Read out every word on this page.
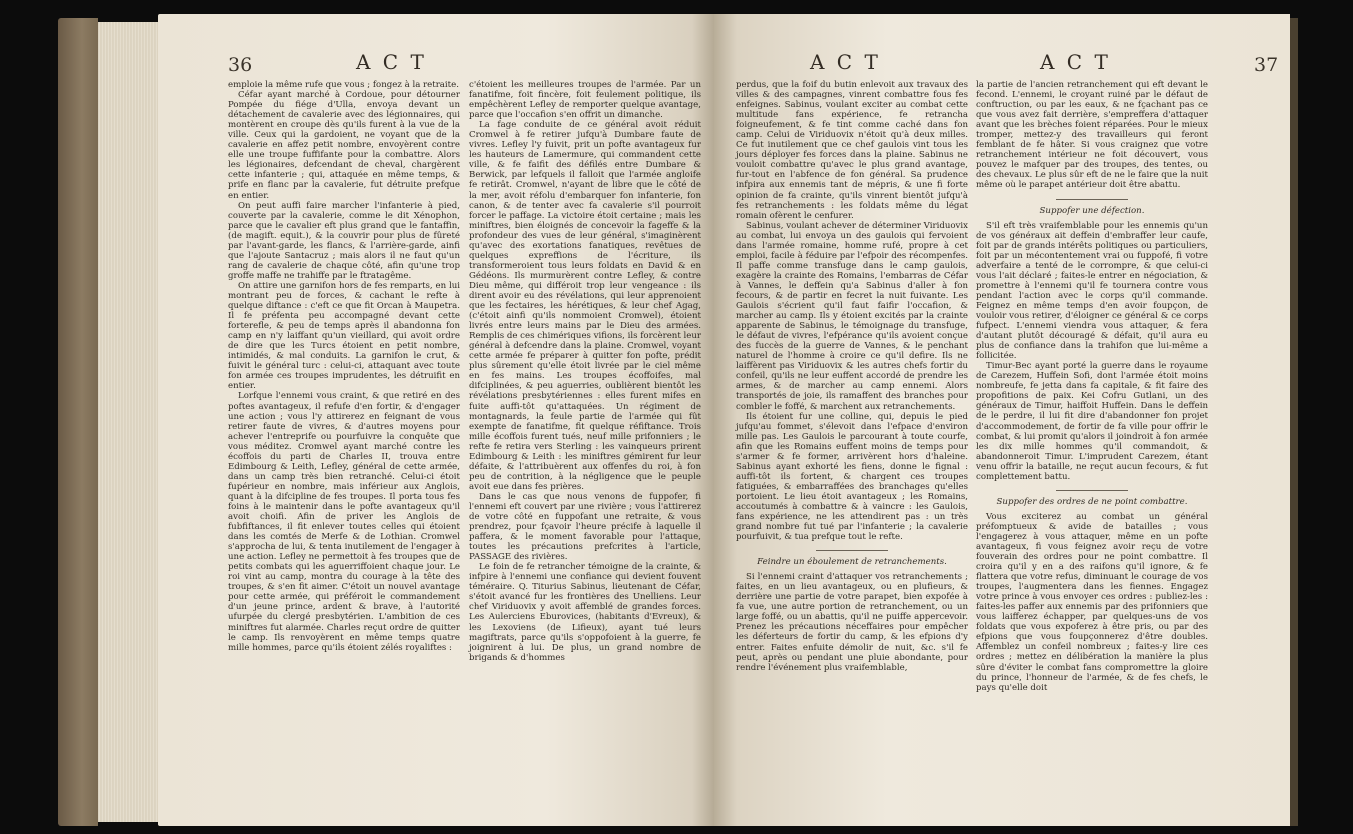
36	A C T

emploie la même rufe que vous ; fongez à la retraite.

Céfar ayant marché à Cordoue, pour détourner Pompée du fiége d'Ulla, envoya devant un détachement de cavalerie avec des légionnaires, qui montèrent en croupe dès qu'ils furent à la vue de la ville. Ceux qui la gardoient, ne voyant que de la cavalerie en affez petit nombre, envoyèrent contre elle une troupe fuffifante pour la combattre. Alors les légionaires, defcendant de cheval, chargèrent cette infanterie ; qui, attaquée en même temps, & prife en flanc par la cavalerie, fut détruite prefque en entier.

On peut auffi faire marcher l'infanterie à pied, couverte par la cavalerie, comme le dit Xénophon, parce que le cavalier eft plus grand que le fantaffin, (de magift. equit.), & la couvrir pour plus de fûreté par l'avant-garde, les flancs, & l'arrière-garde, ainfi que l'ajoute Santacruz ; mais alors il ne faut qu'un rang de cavalerie de chaque côté, afin qu'une trop groffe maffe ne trahiffe par le ftratagême.

On attire une garnifon hors de fes remparts, en lui montrant peu de forces, & cachant le refte à quelque diftance : c'eft ce que fit Orcan à Maupetra. Il fe préfenta peu accompagné devant cette forterefle, & peu de temps après il abandonna fon camp en n'y laiffant qu'un vieillard, qui avoit ordre de dire que les Turcs étoient en petit nombre, intimidés, & mal conduits. La garnifon le crut, & fuivit le général turc : celui-ci, attaquant avec toute fon armée ces troupes imprudentes, les détruifit en entier.

Lorfque l'ennemi vous craint, & que retiré en des poftes avantageux, il refufe d'en fortir, & d'engager une action ; vous l'y attirerez en feignant de vous retirer faute de vivres, & d'autres moyens pour achever l'entreprife ou pourfuivre la conquête que vous méditez. Cromwel ayant marché contre les écoffois du parti de Charles II, trouva entre Edimbourg & Leith, Lefley, général de cette armée, dans un camp très bien retranché. Celui-ci étoit fupérieur en nombre, mais inférieur aux Anglois, quant à la difcipline de fes troupes. Il porta tous fes foins à le maintenir dans le pofte avantageux qu'il avoit choifi. Afin de priver les Anglois de fubfiftances, il fit enlever toutes celles qui étoient dans les comtés de Merfe & de Lothian. Cromwel s'approcha de lui, & tenta inutilement de l'engager à une action. Lefley ne permettoit à fes troupes que de petits combats qui les aguerriffoient chaque jour. Le roi vint au camp, montra du courage à la tête des troupes, & s'en fit aimer. C'étoit un nouvel avantage pour cette armée, qui préféroit le commandement d'un jeune prince, ardent & brave, à l'autorité ufurpée du clergé presbytérien. L'ambition de ces miniftres fut alarmée. Charles reçut ordre de quitter le camp. Ils renvoyèrent en même temps quatre mille hommes, parce qu'ils étoient zélés royaliftes :

c'étoient les meilleures troupes de l'armée. Par un fanatifme, foit fincère, foit feulement politique, ils empêchèrent Lefley de remporter quelque avantage, parce que l'occafion s'en offrit un dimanche.

La fage conduite de ce général avoit réduit Cromwel à fe retirer jufqu'à Dumbare faute de vivres. Lefley l'y fuivit, prit un pofte avantageux fur les hauteurs de Lamermure, qui commandent cette ville, & fe faifit des défilés entre Dumbare & Berwick, par lefquels il falloit que l'armée angloife fe retirât. Cromwel, n'ayant de libre que le côté de la mer, avoit réfolu d'embarquer fon infanterie, fon canon, & de tenter avec fa cavalerie s'il pourroit forcer le paffage. La victoire étoit certaine ; mais les miniftres, bien éloignés de concevoir la fageffe & la profondeur des vues de leur général, s'imaginèrent qu'avec des exortations fanatiques, revêtues de quelques expreffions de l'écriture, ils transformeroient tous leurs foldats en David & en Gédéons. Ils murmurèrent contre Lefley, & contre Dieu même, qui différoit trop leur vengeance : ils dirent avoir eu des révélations, qui leur apprenoient que les fectaires, les hérétiques, & leur chef Agag, (c'étoit ainfi qu'ils nommoient Cromwel), étoient livrés entre leurs mains par le Dieu des armées. Remplis de ces chimériques vifions, ils forcèrent leur général à defcendre dans la plaine. Cromwel, voyant cette armée fe préparer à quitter fon pofte, prédit plus sûrement qu'elle étoit livrée par le ciel même en fes mains. Les troupes écoffoifes, mal difciplinées, & peu aguerries, oublièrent bientôt les révélations presbytériennes : elles furent mifes en fuite auffi-tôt qu'attaquées. Un régiment de montagnards, la feule partie de l'armée qui fût exempte de fanatifme, fit quelque réfiftance. Trois mille écoffois furent tués, neuf mille prifonniers ; le refte fe retira vers Sterling : les vainqueurs prirent Edimbourg & Leith : les miniftres gémirent fur leur défaite, & l'attribuèrent aux offenfes du roi, à fon peu de contrition, à la négligence que le peuple avoit eue dans fes prières.

Dans le cas que nous venons de fuppofer, fi l'ennemi eft couvert par une rivière ; vous l'attirerez de votre côté en fuppofant une retraite, & vous prendrez, pour fçavoir l'heure précife à laquelle il paffera, & le moment favorable pour l'attaque, toutes les précautions prefcrites à l'article, PASSAGE des rivières.

Le foin de fe retrancher témoigne de la crainte, & infpire à l'ennemi une confiance qui devient fouvent téméraire. Q. Titurius Sabinus, lieutenant de Céfar, s'étoit avancé fur les frontières des Unelliens. Leur chef Viriduovix y avoit affemblé de grandes forces. Les Aulerciens Eburovices, (habitants d'Evreux), & les Lexoviens (de Lifieux), ayant tué leurs magiftrats, parce qu'ils s'oppofoient à la guerre, fe joignirent à lui. De plus, un grand nombre de brigands & d'hommes

A C T	A C T	37

perdus, que la foif du butin enlevoit aux travaux des villes & des campagnes, vinrent combattre fous fes enfeignes. Sabinus, voulant exciter au combat cette multitude fans expérience, fe retrancha foigneufement, & fe tint comme caché dans fon camp. Celui de Viriduovix n'étoit qu'à deux milles. Ce fut inutilement que ce chef gaulois vint tous les jours déployer fes forces dans la plaine. Sabinus ne vouloit combattre qu'avec le plus grand avantage, fur-tout en l'abfence de fon général. Sa prudence infpira aux ennemis tant de mépris, & une fi forte opinion de fa crainte, qu'ils vinrent bientôt jufqu'à fes retranchements : les foldats même du légat romain ofèrent le cenfurer.

Sabinus, voulant achever de déterminer Viriduovix au combat, lui envoya un des gaulois qui fervoient dans l'armée romaine, homme rufé, propre à cet emploi, facile à féduire par l'efpoir des récompenfes. Il paffe comme transfuge dans le camp gaulois, exagère la crainte des Romains, l'embarras de Céfar à Vannes, le deffein qu'a Sabinus d'aller à fon fecours, & de partir en fecret la nuit fuivante. Les Gaulois s'écrient qu'il faut faifir l'occafion, & marcher au camp. Ils y étoient excités par la crainte apparente de Sabinus, le témoignage du transfuge, le défaut de vivres, l'efpérance qu'ils avoient conçue des fuccès de la guerre de Vannes, & le penchant naturel de l'homme à croire ce qu'il defire. Ils ne laiffèrent pas Viriduovix & les autres chefs fortir du confeil, qu'ils ne leur euffent accordé de prendre les armes, & de marcher au camp ennemi. Alors transportés de joie, ils ramaffent des branches pour combler le foffé, & marchent aux retranchements.

Ils étoient fur une colline, qui, depuis le pied jufqu'au fommet, s'élevoit dans l'efpace d'environ mille pas. Les Gaulois le parcourant à toute courfe, afin que les Romains euffent moins de temps pour s'armer & fe former, arrivèrent hors d'haleine. Sabinus ayant exhorté les fiens, donne le fignal : auffi-tôt ils fortent, & chargent ces troupes fatiguées, & embarraffées des branchages qu'elles portoient. Le lieu étoit avantageux ; les Romains, accoutumés à combattre & à vaincre : les Gaulois, fans expérience, ne les attendirent pas : un très grand nombre fut tué par l'infanterie ; la cavalerie pourfuivit, & tua prefque tout le refte.

Feindre un éboulement de retranchements.

Si l'ennemi craint d'attaquer vos retranchements ; faites, en un lieu avantageux, ou en plufieurs, & derrière une partie de votre parapet, bien expofée à fa vue, une autre portion de retranchement, ou un large foffé, ou un abattis, qu'il ne puiffe appercevoir. Prenez les précautions néceffaires pour empêcher les déferteurs de fortir du camp, & les efpions d'y entrer. Faites enfuite démolir de nuit, &c. s'il fe peut, après ou pendant une pluie abondante, pour rendre l'événement plus vraifemblable,

la partie de l'ancien retranchement qui eft devant le fecond. L'ennemi, le croyant ruiné par le défaut de conftruction, ou par les eaux, & ne fçachant pas ce que vous avez fait derrière, s'empreffera d'attaquer avant que les brèches foient réparées. Pour le mieux tromper, mettez-y des travailleurs qui feront femblant de fe hâter. Si vous craignez que votre retranchement intérieur ne foit découvert, vous pouvez le mafquer par des troupes, des tentes, ou des chevaux. Le plus sûr eft de ne le faire que la nuit même où le parapet antérieur doit être abattu.

Suppofer une défection.

S'il eft très vraifemblable pour les ennemis qu'un de vos généraux ait deffein d'embraffer leur caufe, foit par de grands intérêts politiques ou particuliers, foit par un mécontentement vrai ou fuppofé, fi votre adverfaire a tenté de le corrompre, & que celui-ci vous l'ait déclaré ; faites-le entrer en négociation, & promettre à l'ennemi qu'il fe tournera contre vous pendant l'action avec le corps qu'il commande. Feignez en même temps d'en avoir foupçon, de vouloir vous retirer, d'éloigner ce général & ce corps fufpect. L'ennemi viendra vous attaquer, & fera d'autant plutôt découragé & défait, qu'il aura eu plus de confiance dans la trahifon que lui-même a follicitée.

Timur-Bec ayant porté la guerre dans le royaume de Carezem, Huffein Sofi, dont l'armée étoit moins nombreufe, fe jetta dans fa capitale, & fit faire des propofitions de paix. Kei Cofru Gutlani, un des généraux de Timur, haiffoit Huffein. Dans le deffein de le perdre, il lui fit dire d'abandonner fon projet d'accommodement, de fortir de fa ville pour offrir le combat, & lui promit qu'alors il joindroit à fon armée les dix mille hommes qu'il commandoit, & abandonneroit Timur. L'imprudent Carezem, étant venu offrir la bataille, ne reçut aucun fecours, & fut complettement battu.

Suppofer des ordres de ne point combattre.

Vous exciterez au combat un général préfomptueux & avide de batailles ; vous l'engagerez à vous attaquer, même en un pofte avantageux, fi vous feignez avoir reçu de votre fouverain des ordres pour ne point combattre. Il croira qu'il y en a des raifons qu'il ignore, & fe flattera que votre refus, diminuant le courage de vos troupes, l'augmentera dans les fiennes. Engagez votre prince à vous envoyer ces ordres : publiez-les : faites-les paffer aux ennemis par des prifonniers que vous laifferez échapper, par quelques-uns de vos foldats que vous expoferez à être pris, ou par des efpions que vous foupçonnerez d'être doubles. Affemblez un confeil nombreux ; faites-y lire ces ordres ; mettez en délibération la manière la plus sûre d'éviter le combat fans compromettre la gloire du prince, l'honneur de l'armée, & de fes chefs, le pays qu'elle doit
